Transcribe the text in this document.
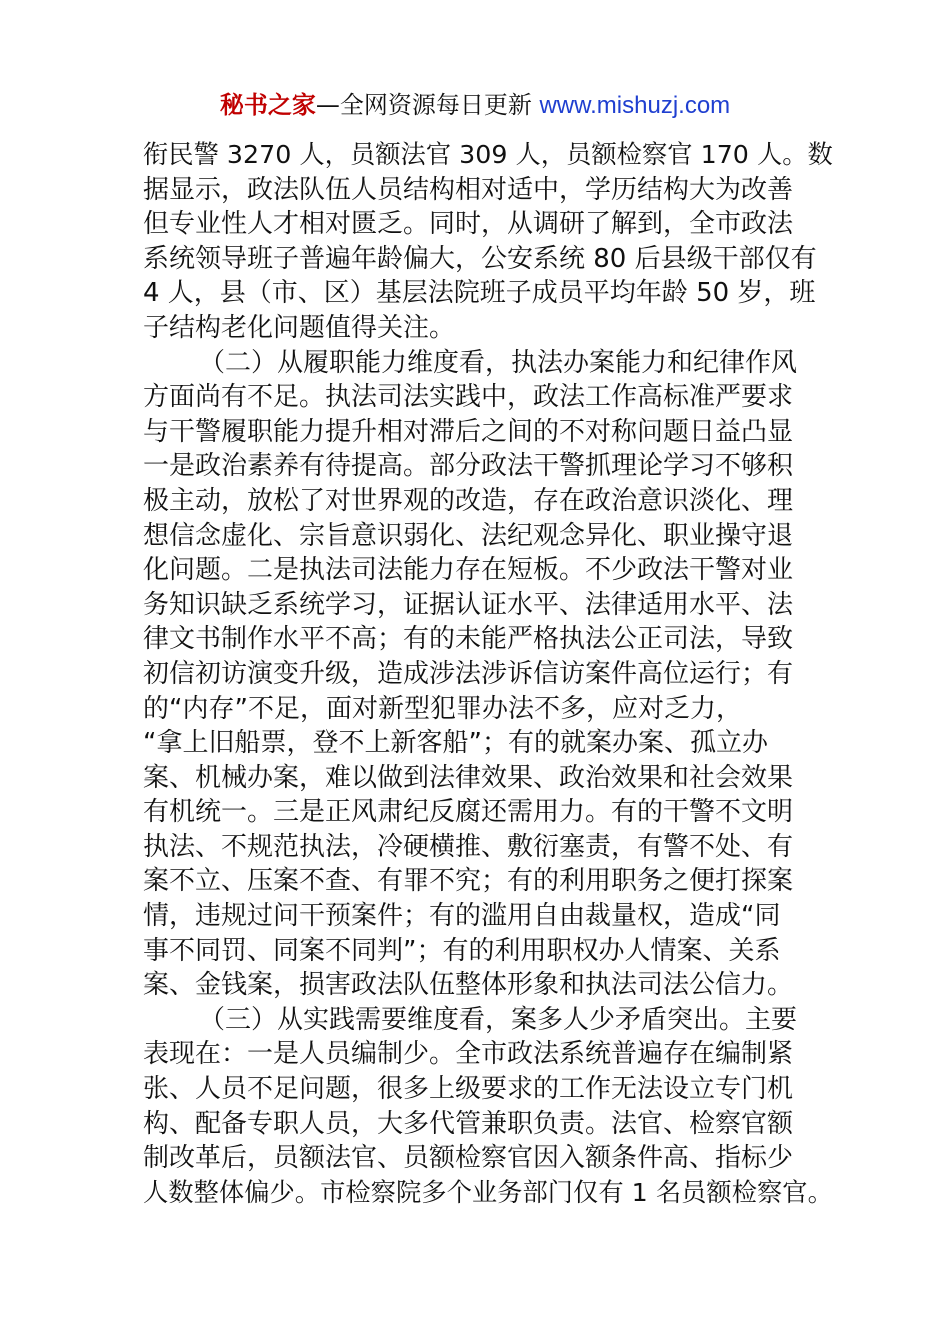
秘书之家—全网资源每日更新 www.mishuzj.com
衔民警 3270 人，员额法官 309 人，员额检察官 170 人。数
据显示，政法队伍人员结构相对适中，学历结构大为改善
但专业性人才相对匮乏。同时，从调研了解到，全市政法
系统领导班子普遍年龄偏大，公安系统 80 后县级干部仅有
4 人，县（市、区）基层法院班子成员平均年龄 50 岁，班
子结构老化问题值得关注。
（二）从履职能力维度看，执法办案能力和纪律作风
方面尚有不足。执法司法实践中，政法工作高标准严要求
与干警履职能力提升相对滞后之间的不对称问题日益凸显
一是政治素养有待提高。部分政法干警抓理论学习不够积
极主动，放松了对世界观的改造，存在政治意识淡化、理
想信念虚化、宗旨意识弱化、法纪观念异化、职业操守退
化问题。二是执法司法能力存在短板。不少政法干警对业
务知识缺乏系统学习，证据认证水平、法律适用水平、法
律文书制作水平不高；有的未能严格执法公正司法，导致
初信初访演变升级，造成涉法涉诉信访案件高位运行；有
的“内存”不足，面对新型犯罪办法不多，应对乏力，
“拿上旧船票，登不上新客船”；有的就案办案、孤立办
案、机械办案，难以做到法律效果、政治效果和社会效果
有机统一。三是正风肃纪反腐还需用力。有的干警不文明
执法、不规范执法，冷硬横推、敷衍塞责，有警不处、有
案不立、压案不查、有罪不究；有的利用职务之便打探案
情，违规过问干预案件；有的滥用自由裁量权，造成“同
事不同罚、同案不同判”；有的利用职权办人情案、关系
案、金钱案，损害政法队伍整体形象和执法司法公信力。
（三）从实践需要维度看，案多人少矛盾突出。主要
表现在：一是人员编制少。全市政法系统普遍存在编制紧
张、人员不足问题，很多上级要求的工作无法设立专门机
构、配备专职人员，大多代管兼职负责。法官、检察官额
制改革后，员额法官、员额检察官因入额条件高、指标少
人数整体偏少。市检察院多个业务部门仅有 1 名员额检察官。
